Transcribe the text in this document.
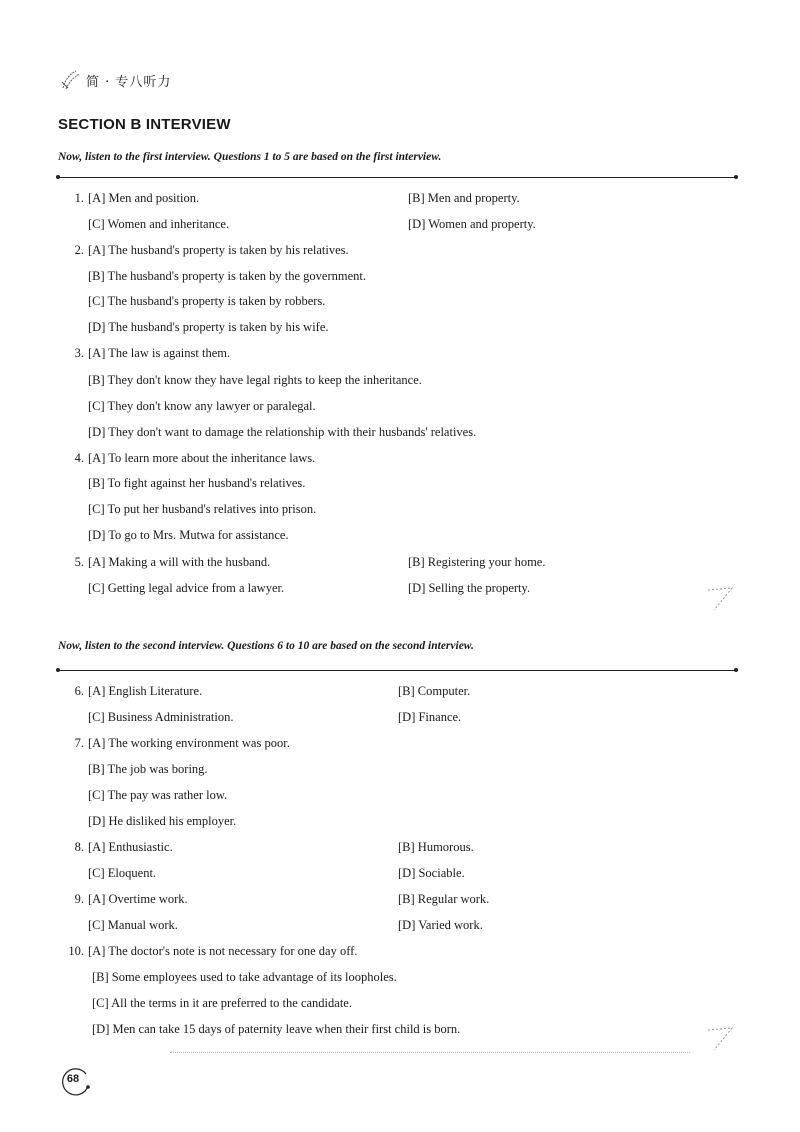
简 · 专八听力
SECTION B INTERVIEW
Now, listen to the first interview. Questions 1 to 5 are based on the first interview.
1. [A] Men and position.	[B] Men and property.
[C] Women and inheritance.	[D] Women and property.
2. [A] The husband's property is taken by his relatives.
[B] The husband's property is taken by the government.
[C] The husband's property is taken by robbers.
[D] The husband's property is taken by his wife.
3. [A] The law is against them.
[B] They don't know they have legal rights to keep the inheritance.
[C] They don't know any lawyer or paralegal.
[D] They don't want to damage the relationship with their husbands' relatives.
4. [A] To learn more about the inheritance laws.
[B] To fight against her husband's relatives.
[C] To put her husband's relatives into prison.
[D] To go to Mrs. Mutwa for assistance.
5. [A] Making a will with the husband.	[B] Registering your home.
[C] Getting legal advice from a lawyer.	[D] Selling the property.
Now, listen to the second interview. Questions 6 to 10 are based on the second interview.
6. [A] English Literature.	[B] Computer.
[C] Business Administration.	[D] Finance.
7. [A] The working environment was poor.
[B] The job was boring.
[C] The pay was rather low.
[D] He disliked his employer.
8. [A] Enthusiastic.	[B] Humorous.
[C] Eloquent.	[D] Sociable.
9. [A] Overtime work.	[B] Regular work.
[C] Manual work.	[D] Varied work.
10. [A] The doctor's note is not necessary for one day off.
[B] Some employees used to take advantage of its loopholes.
[C] All the terms in it are preferred to the candidate.
[D] Men can take 15 days of paternity leave when their first child is born.
68
